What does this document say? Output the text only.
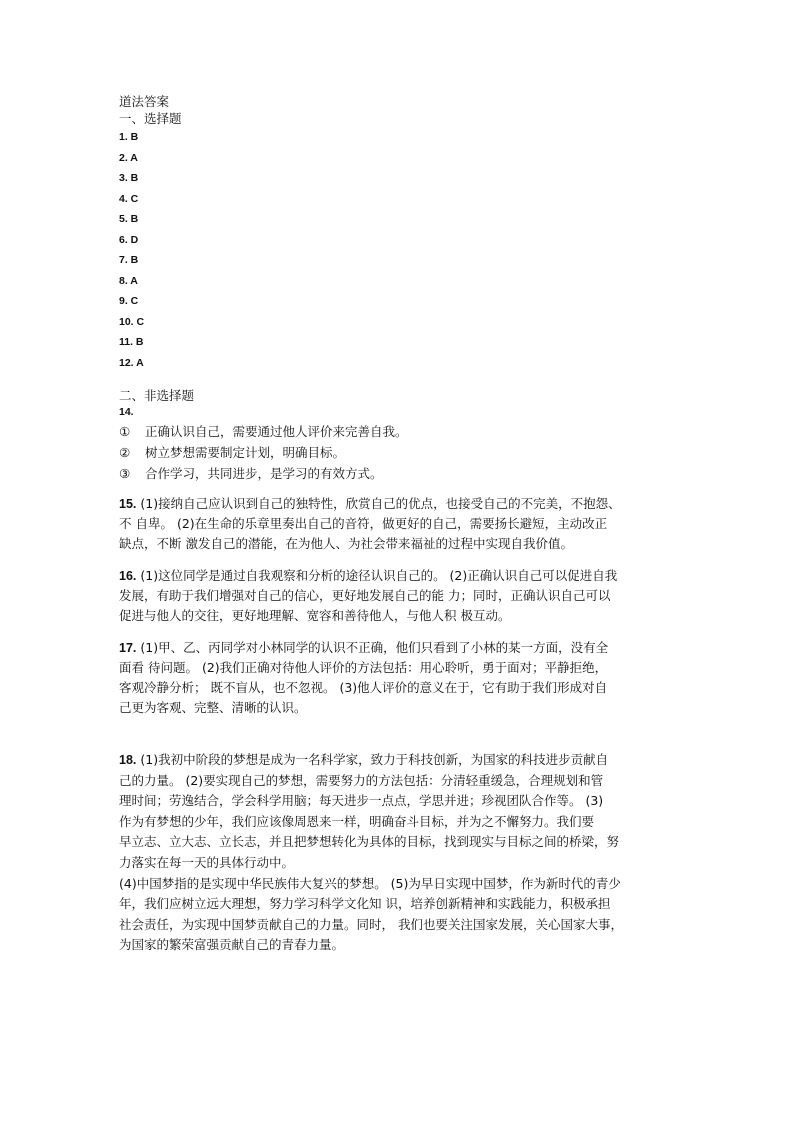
道法答案
一、选择题
1. B
2. A
3. B
4. C
5. B
6. D
7. B
8. A
9. C
10. C
11. B
12. A
二、非选择题
14.
① 正确认识自己，需要通过他人评价来完善自我。
② 树立梦想需要制定计划，明确目标。
③ 合作学习，共同进步，是学习的有效方式。
15. (1)接纳自己应认识到自己的独特性，欣赏自己的优点，也接受自己的不完美，不抱怨、
不 自卑。 (2)在生命的乐章里奏出自己的音符，做更好的自己，需要扬长避短，主动改正
缺点，不断 激发自己的潜能，在为他人、为社会带来福祉的过程中实现自我价值。
16. (1)这位同学是通过自我观察和分析的途径认识自己的。 (2)正确认识自己可以促进自我
发展，有助于我们增强对自己的信心，更好地发展自己的能 力；同时，正确认识自己可以
促进与他人的交往，更好地理解、宽容和善待他人，与他人积 极互动。
17. (1)甲、乙、丙同学对小林同学的认识不正确，他们只看到了小林的某一方面，没有全
面看 待问题。 (2)我们正确对待他人评价的方法包括：用心聆听，勇于面对；平静拒绝，
客观冷静分析； 既不盲从，也不忽视。 (3)他人评价的意义在于，它有助于我们形成对自
己更为客观、完整、清晰的认识。
18. (1)我初中阶段的梦想是成为一名科学家，致力于科技创新，为国家的科技进步贡献自
己的力量。 (2)要实现自己的梦想，需要努力的方法包括：分清轻重缓急，合理规划和管
理时间；劳逸结合，学会科学用脑；每天进步一点点，学思并进；珍视团队合作等。 (3)
作为有梦想的少年，我们应该像周恩来一样，明确奋斗目标，并为之不懈努力。我们要
早立志、立大志、立长志，并且把梦想转化为具体的目标，找到现实与目标之间的桥梁，努
力落实在每一天的具体行动中。
(4)中国梦指的是实现中华民族伟大复兴的梦想。 (5)为早日实现中国梦，作为新时代的青少
年，我们应树立远大理想，努力学习科学文化知 识，培养创新精神和实践能力，积极承担
社会责任，为实现中国梦贡献自己的力量。同时， 我们也要关注国家发展，关心国家大事，
为国家的繁荣富强贡献自己的青春力量。
